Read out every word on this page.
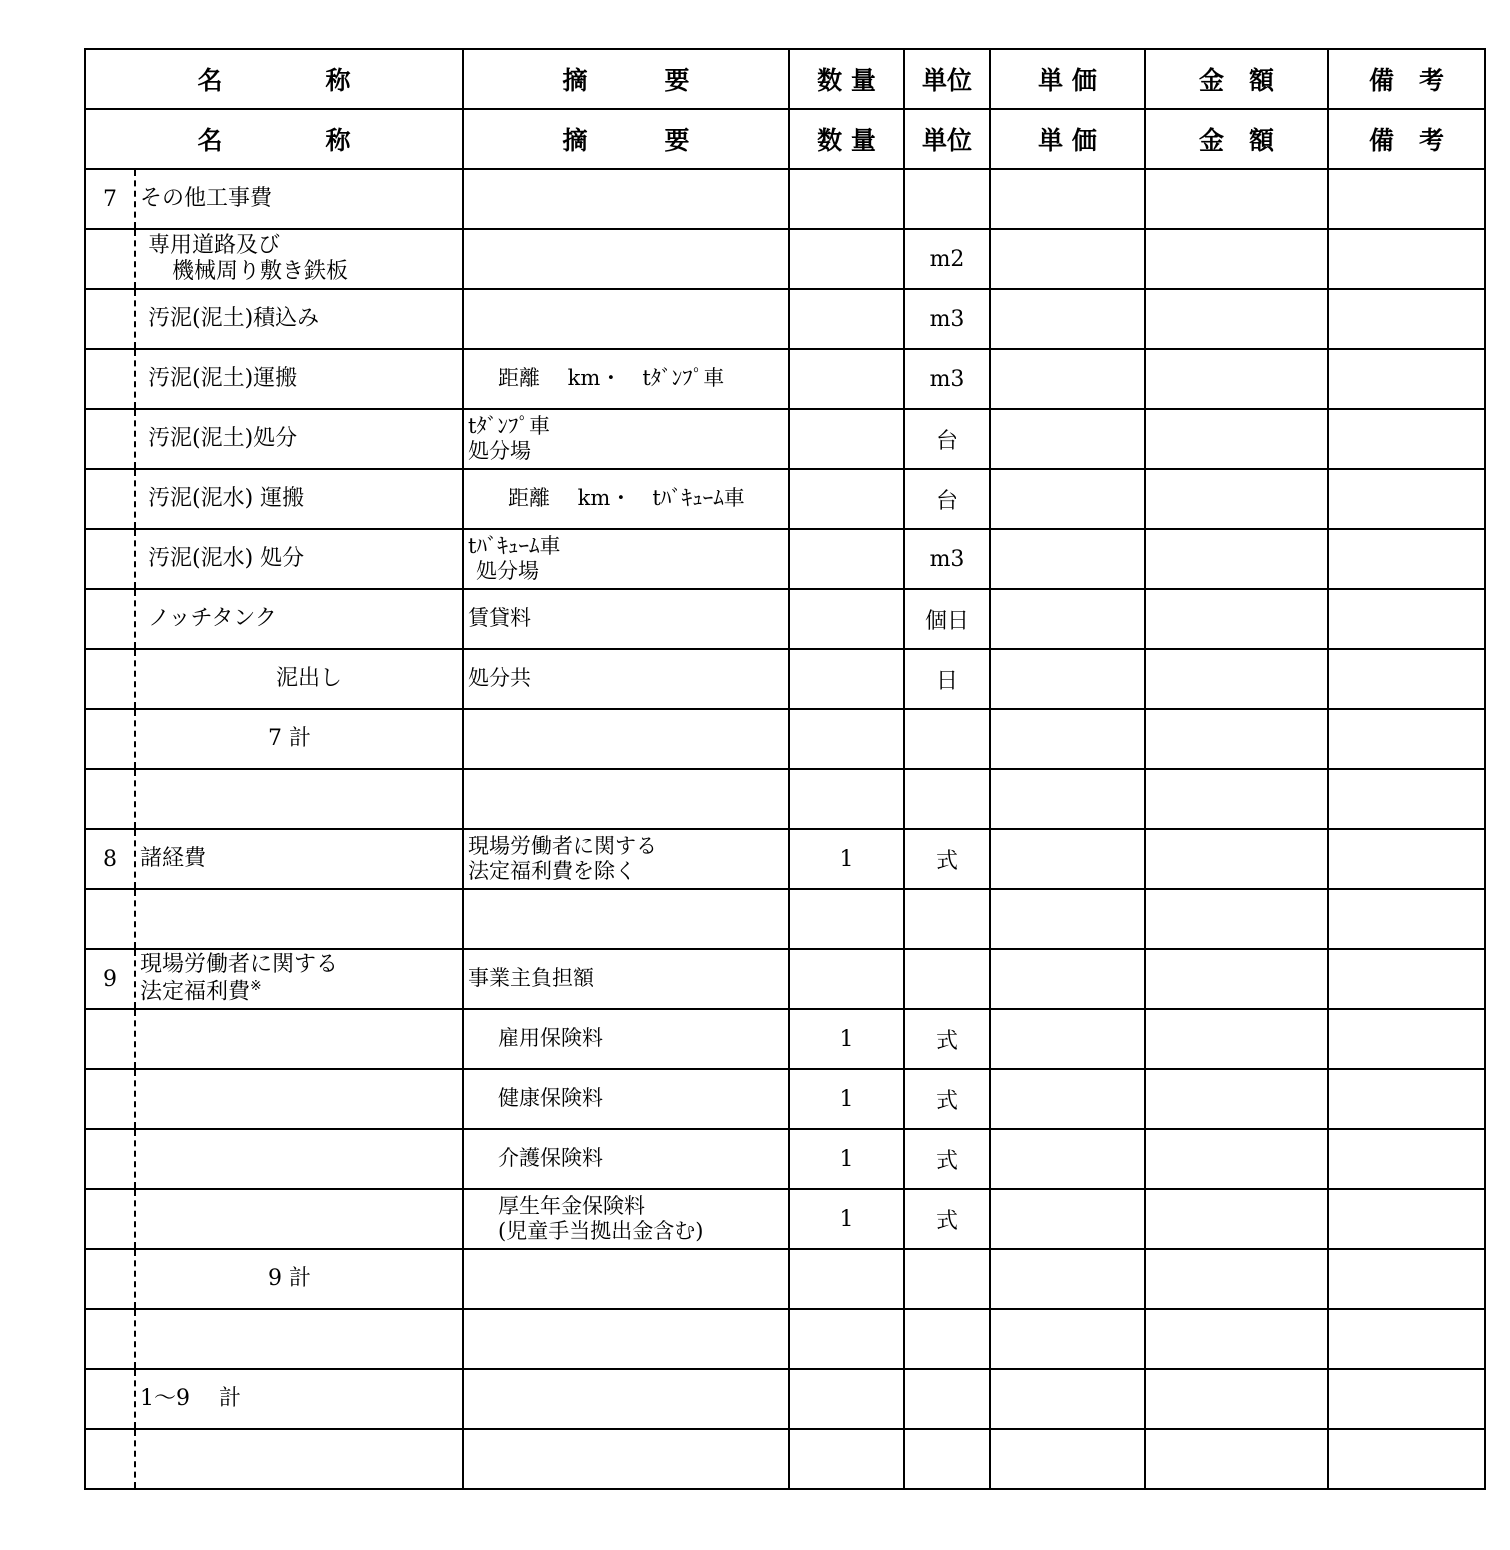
名 称	摘 要	数 量	単位	単 価	金　額	備　考

名 称	摘 要	数 量	単位	単 価	金　額	備　考

7 その他工事費						

専用道路及び
機械周り敷き鉄板			m2			

汚泥(泥土)積込み			m3			

汚泥(泥土)運搬	距離　 km・　tﾀﾞﾝﾌﾟ車		m3			

汚泥(泥土)処分	tﾀﾞﾝﾌﾟ車
処分場		台			

汚泥(泥水) 運搬	距離　 km・　tﾊﾞｷｭｰﾑ車		台			

汚泥(泥水) 処分	tﾊﾞｷｭｰﾑ車
処分場		m3			

ノッチタンク	賃貸料		個日			

泥出し	処分共		日			

7 計						

8 諸経費	現場労働者に関する
法定福利費を除く	1	式			

9
現場労働者に関する
法定福利費※	事業主負担額					

	雇用保険料	1	式			

	健康保険料	1	式			

	介護保険料	1	式			

	厚生年金保険料
(児童手当拠出金含む)	1	式			

9 計						

1～9　 計						
